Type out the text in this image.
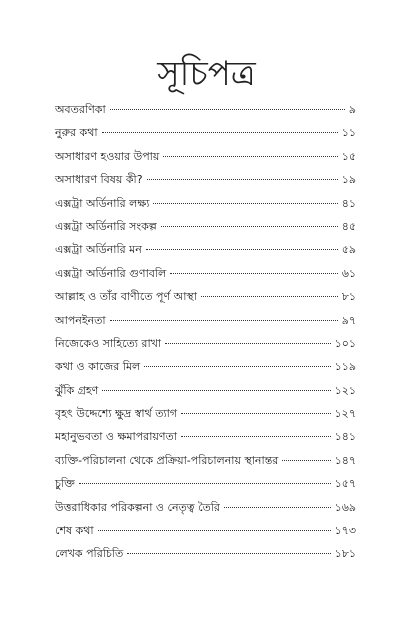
সূচিপত্র
অবতরণিকা	৯
নুরুর কথা	১১
অসাধারণ হওয়ার উপায়	১৫
অসাধারণ বিষয় কী?	১৯
এক্সট্রা অর্ডিনারি লক্ষ্য	৪১
এক্সট্রা অর্ডিনারি সংকল্প	৪৫
এক্সট্রা অর্ডিনারি মন	৫৯
এক্সট্রা অর্ডিনারি গুণাবলি	৬১
আল্লাহ ও তাঁর বাণীতে পূর্ণ আস্থা	৮১
আপনইনতা	৯৭
নিজেকেও সাহিত্যে রাখা	১০১
কথা ও কাজের মিল	১১৯
ঝুঁকি গ্রহণ	১২১
বৃহৎ উদ্দেশ্যে ক্ষুদ্র স্বার্থ ত্যাগ	১২৭
মহানুভবতা ও ক্ষমাপরায়ণতা	১৪১
ব্যক্তি-পরিচালনা থেকে প্রক্রিয়া-পরিচালনায় স্থানান্তর	১৪৭
চুক্তি	১৫৭
উত্তরাধিকার পরিকল্পনা ও নেতৃত্ব তৈরি	১৬৯
শেষ কথা	১৭৩
লেখক পরিচিতি	১৮১
